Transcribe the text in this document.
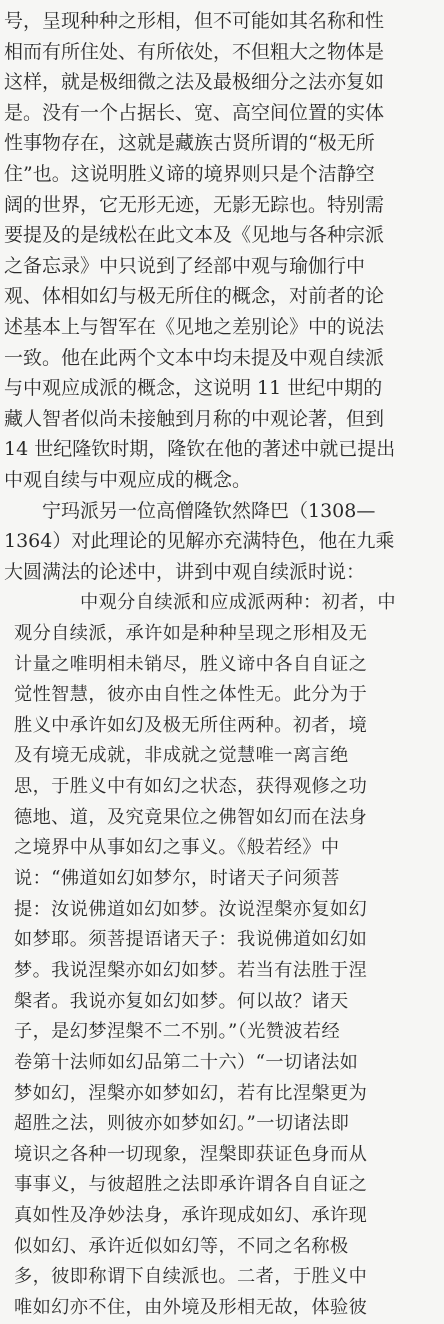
号，呈现种种之形相，但不可能如其名称和性
相而有所住处、有所依处，不但粗大之物体是
这样，就是极细微之法及最极细分之法亦复如
是。没有一个占据长、宽、高空间位置的实体
性事物存在，这就是藏族古贤所谓的“极无所
住”也。这说明胜义谛的境界则只是个洁静空
阔的世界，它无形无迹，无影无踪也。特别需
要提及的是绒松在此文本及《见地与各种宗派
之备忘录》中只说到了经部中观与瑜伽行中
观、体相如幻与极无所住的概念，对前者的论
述基本上与智军在《见地之差别论》中的说法
一致。他在此两个文本中均未提及中观自续派
与中观应成派的概念，这说明 11 世纪中期的
藏人智者似尚未接触到月称的中观论著，但到
14 世纪隆钦时期，隆钦在他的著述中就已提出
中观自续与中观应成的概念。
宁玛派另一位高僧隆钦然降巴（1308—
1364）对此理论的见解亦充满特色，他在九乘
大圆满法的论述中，讲到中观自续派时说：
中观分自续派和应成派两种：初者，中
观分自续派，承许如是种种呈现之形相及无
计量之唯明相未销尽，胜义谛中各自自证之
觉性智慧，彼亦由自性之体性无。此分为于
胜义中承许如幻及极无所住两种。初者，境
及有境无成就，非成就之觉慧唯一离言绝
思，于胜义中有如幻之状态，获得观修之功
德地、道，及究竟果位之佛智如幻而在法身
之境界中从事如幻之事义。《般若经》中
说：“佛道如幻如梦尔，时诸天子问须菩
提：汝说佛道如幻如梦。汝说涅槃亦复如幻
如梦耶。须菩提语诸天子：我说佛道如幻如
梦。我说涅槃亦如幻如梦。若当有法胜于涅
槃者。我说亦复如幻如梦。何以故？诸天
子，是幻梦涅槃不二不别。”（光赞波若经
卷第十法师如幻品第二十六）“一切诸法如
梦如幻，涅槃亦如梦如幻，若有比涅槃更为
超胜之法，则彼亦如梦如幻。”一切诸法即
境识之各种一切现象，涅槃即获证色身而从
事事义，与彼超胜之法即承许谓各自自证之
真如性及净妙法身，承许现成如幻、承许现
似如幻、承许近似如幻等，不同之名称极
多，彼即称谓下自续派也。二者，于胜义中
唯如幻亦不住，由外境及形相无故，体验彼
